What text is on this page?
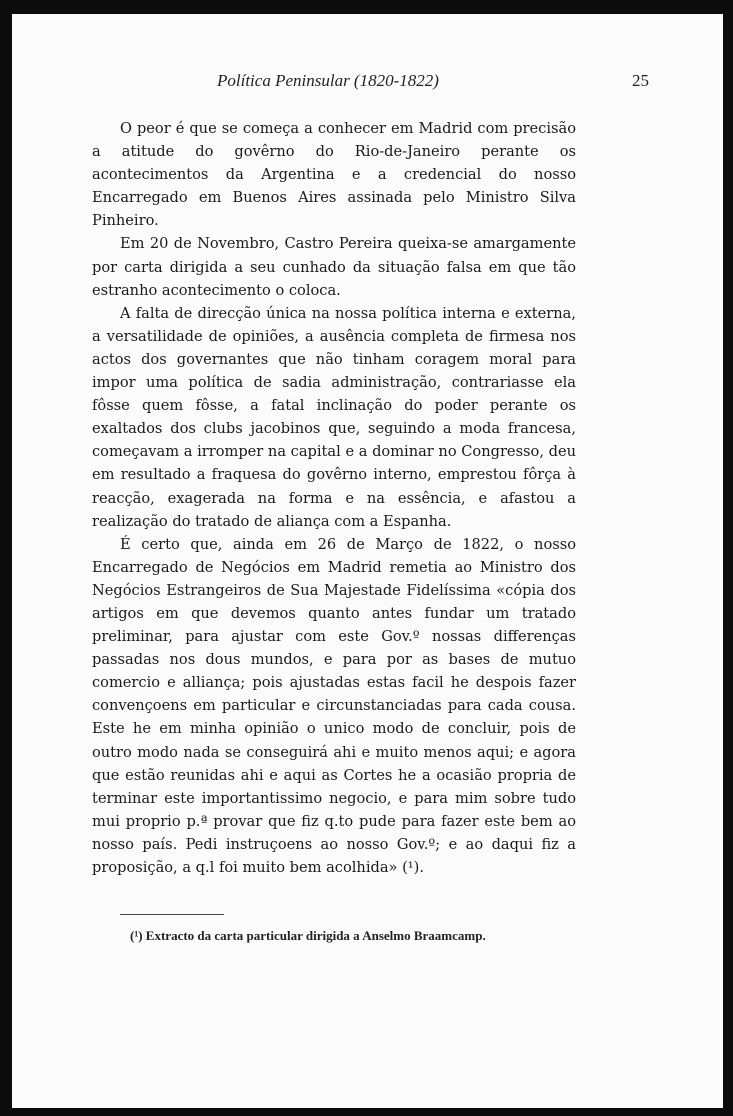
Política Peninsular (1820-1822)	25

O peor é que se começa a conhecer em Madrid com precisão a atitude do govêrno do Rio-de-Janeiro perante os acontecimentos da Argentina e a credencial do nosso Encarregado em Buenos Aires assinada pelo Ministro Silva Pinheiro.

Em 20 de Novembro, Castro Pereira queixa-se amargamente por carta dirigida a seu cunhado da situação falsa em que tão estranho acontecimento o coloca.

A falta de direcção única na nossa política interna e externa, a versatilidade de opiniões, a ausência completa de firmesa nos actos dos governantes que não tinham coragem moral para impor uma política de sadia administração, contrariasse ela fôsse quem fôsse, a fatal inclinação do poder perante os exaltados dos clubs jacobinos que, seguindo a moda francesa, começavam a irromper na capital e a dominar no Congresso, deu em resultado a fraquesa do govêrno interno, emprestou fôrça à reacção, exagerada na forma e na essência, e afastou a realização do tratado de aliança com a Espanha.

É certo que, ainda em 26 de Março de 1822, o nosso Encarregado de Negócios em Madrid remetia ao Ministro dos Negócios Estrangeiros de Sua Majestade Fidelíssima «cópia dos artigos em que devemos quanto antes fundar um tratado preliminar, para ajustar com este Gov.º nossas differenças passadas nos dous mundos, e para por as bases de mutuo comercio e alliança; pois ajustadas estas facil he despois fazer convençoens em particular e circunstanciadas para cada cousa. Este he em minha opinião o unico modo de concluir, pois de outro modo nada se conseguirá ahi e muito menos aqui; e agora que estão reunidas ahi e aqui as Cortes he a ocasião propria de terminar este importantissimo negocio, e para mim sobre tudo mui proprio p.ª provar que fiz q.to pude para fazer este bem ao nosso país. Pedi instruçoens ao nosso Gov.º; e ao daqui fiz a proposição, a q.l foi muito bem acolhida» (¹).

(¹) Extracto da carta particular dirigida a Anselmo Braamcamp.
